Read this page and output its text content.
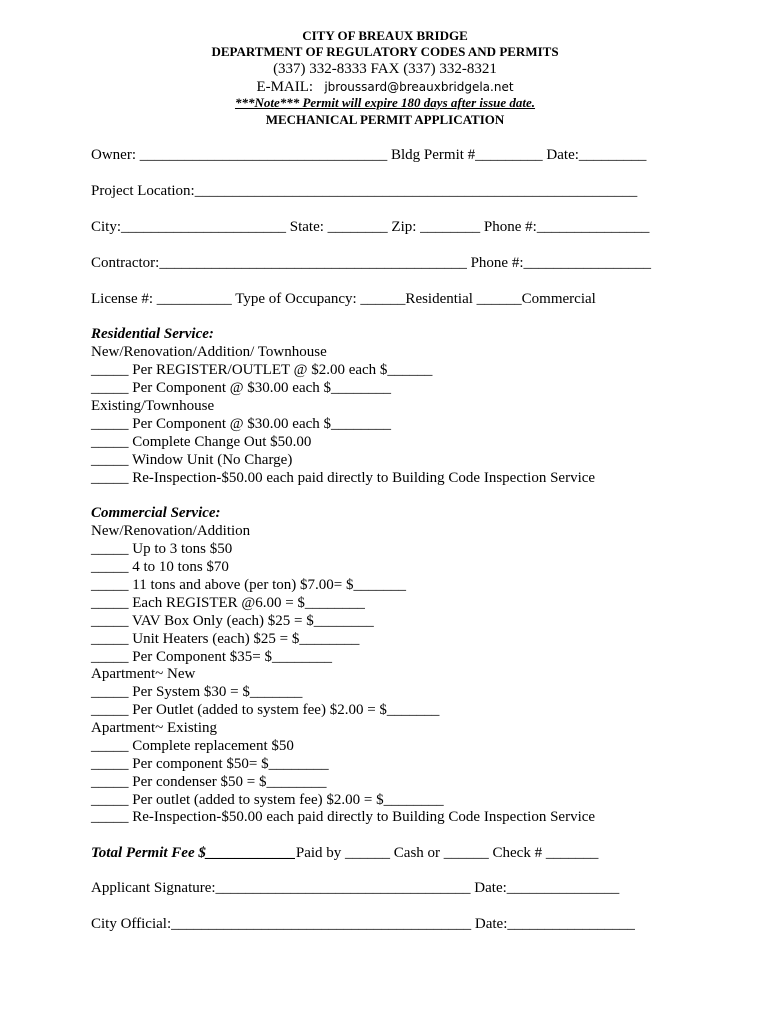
CITY OF BREAUX BRIDGE
DEPARTMENT OF REGULATORY CODES AND PERMITS
(337) 332-8333 FAX (337) 332-8321
E-MAIL: jbroussard@breauxbridgela.net
***Note*** Permit will expire 180 days after issue date.
MECHANICAL PERMIT APPLICATION
Owner: _________________________________ Bldg Permit #_________ Date:_________
Project Location:___________________________________________________________
City:______________________ State: ________ Zip: ________ Phone #:_______________
Contractor:_________________________________________ Phone #:_________________
License #: __________ Type of Occupancy: ______Residential ______Commercial
Residential Service:
New/Renovation/Addition/ Townhouse
_____ Per REGISTER/OUTLET @ $2.00 each $______
_____ Per Component @ $30.00 each $________
Existing/Townhouse
_____ Per Component @ $30.00 each $________
_____ Complete Change Out $50.00
_____ Window Unit (No Charge)
_____ Re-Inspection-$50.00 each paid directly to Building Code Inspection Service
Commercial Service:
New/Renovation/Addition
_____ Up to 3 tons $50
_____ 4 to 10 tons $70
_____ 11 tons and above (per ton) $7.00= $_______
_____ Each REGISTER @6.00 = $________
_____ VAV Box Only (each) $25 = $________
_____ Unit Heaters (each) $25 = $________
_____ Per Component $35= $________
Apartment~ New
_____ Per System $30 = $_______
_____ Per Outlet (added to system fee) $2.00 = $_______
Apartment~ Existing
_____ Complete replacement $50
_____ Per component $50= $________
_____ Per condenser $50 = $________
_____ Per outlet (added to system fee) $2.00 = $________
_____ Re-Inspection-$50.00 each paid directly to Building Code Inspection Service
Total Permit Fee $____________Paid by ______ Cash or ______ Check # _______
Applicant Signature:__________________________________ Date:_______________
City Official:________________________________________ Date:_________________
